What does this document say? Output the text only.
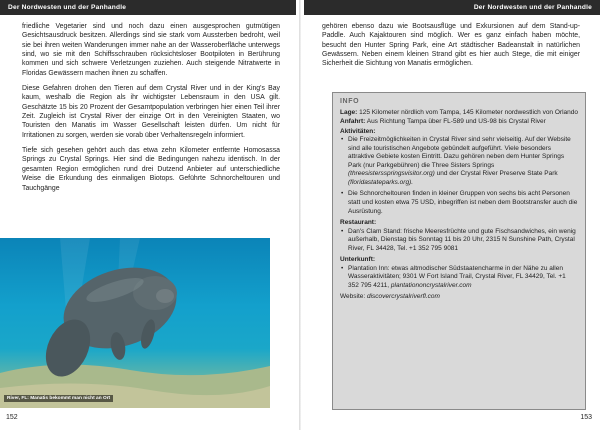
Der Nordwesten und der Panhandle

friedliche Vegetarier sind und noch dazu einen ausgesprochen gutmütigen Gesichtsausdruck besitzen. Allerdings sind sie stark vom Aussterben bedroht, weil sie bei ihren weiten Wanderungen immer nahe an der Wasseroberfläche unterwegs sind, wo sie mit den Schiffsschrauben rücksichtsloser Bootpiloten in Berührung kommen und sich schwere Verletzungen zuziehen. Auch steigende Nitratwerte in Floridas Gewässern machen ihnen zu schaffen.

Diese Gefahren drohen den Tieren auf dem Crystal River und in der King's Bay kaum, weshalb die Region als ihr wichtigster Lebensraum in den USA gilt. Geschätzte 15 bis 20 Prozent der Gesamtpopulation verbringen hier einen Teil ihrer Zeit. Zugleich ist Crystal River der einzige Ort in den Vereinigten Staaten, wo Touristen den Manatis im Wasser Gesellschaft leisten dürfen. Um nicht für Irritationen zu sorgen, werden sie vorab über Verhaltensregeln informiert.

Tiefe sich gesehen gehört auch das etwa zehn Kilometer entfernte Homosassa Springs zu Crystal Springs. Hier sind die Bedingungen nahezu identisch. In der gesamten Region ermöglichen rund drei Dutzend Anbieter auf unterschiedliche Weise die Erkundung des einmaligen Biotops. Geführte Schnorcheltouren und Tauchgänge

River, FL: Manatis bekommt man nicht an Ort
152
Der Nordwesten und der Panhandle

gehören ebenso dazu wie Bootsausflüge und Exkursionen auf dem Stand-up-Paddle. Auch Kajaktouren sind möglich. Wer es ganz einfach haben möchte, besucht den Hunter Spring Park, eine Art städtischer Badeanstalt in natürlichen Gewässern. Neben einem kleinen Strand gibt es hier auch Stege, die mit einiger Sicherheit die Sichtung von Manatis ermöglichen.

INFO
Lage: 125 Kilometer nördlich vom Tampa, 145 Kilometer nordwestlich von Orlando
Anfahrt: Aus Richtung Tampa über FL-589 und US-98 bis Crystal River
Aktivitäten:
• Die Freizeitmöglichkeiten in Crystal River sind sehr vielseitig. Auf der Website sind alle touristischen Angebote gebündelt aufgeführt. Viele besonders attraktive Gebiete kosten Eintritt. Dazu gehören neben dem Hunter Springs Park (nur Parkgebühren) die Three Sisters Springs (threesistersspringsvisitor.org) und der Crystal River Preserve State Park (floridastateparks.org).
• Die Schnorcheltouren finden in kleiner Gruppen von sechs bis acht Personen statt und kosten etwa 75 USD, inbegriffen ist neben dem Bootstransfer auch die Ausrüstung.
Restaurant:
• Dan's Clam Stand: frische Meeresfrüchte und gute Fischsandwiches, ein wenig außerhalb, Dienstag bis Sonntag 11 bis 20 Uhr, 2315 N Sunshine Path, Crystal River, FL 34428, Tel. +1 352 795 9081
Unterkunft:
• Plantation Inn: etwas altmodischer Südstaatencharme in der Nähe zu allen Wasseraktivitäten; 9301 W Fort Island Trail, Crystal River, FL 34429, Tel. +1 352 795 4211, plantationoncrystalriver.com
Website: discovercrystalriverfl.com
153
